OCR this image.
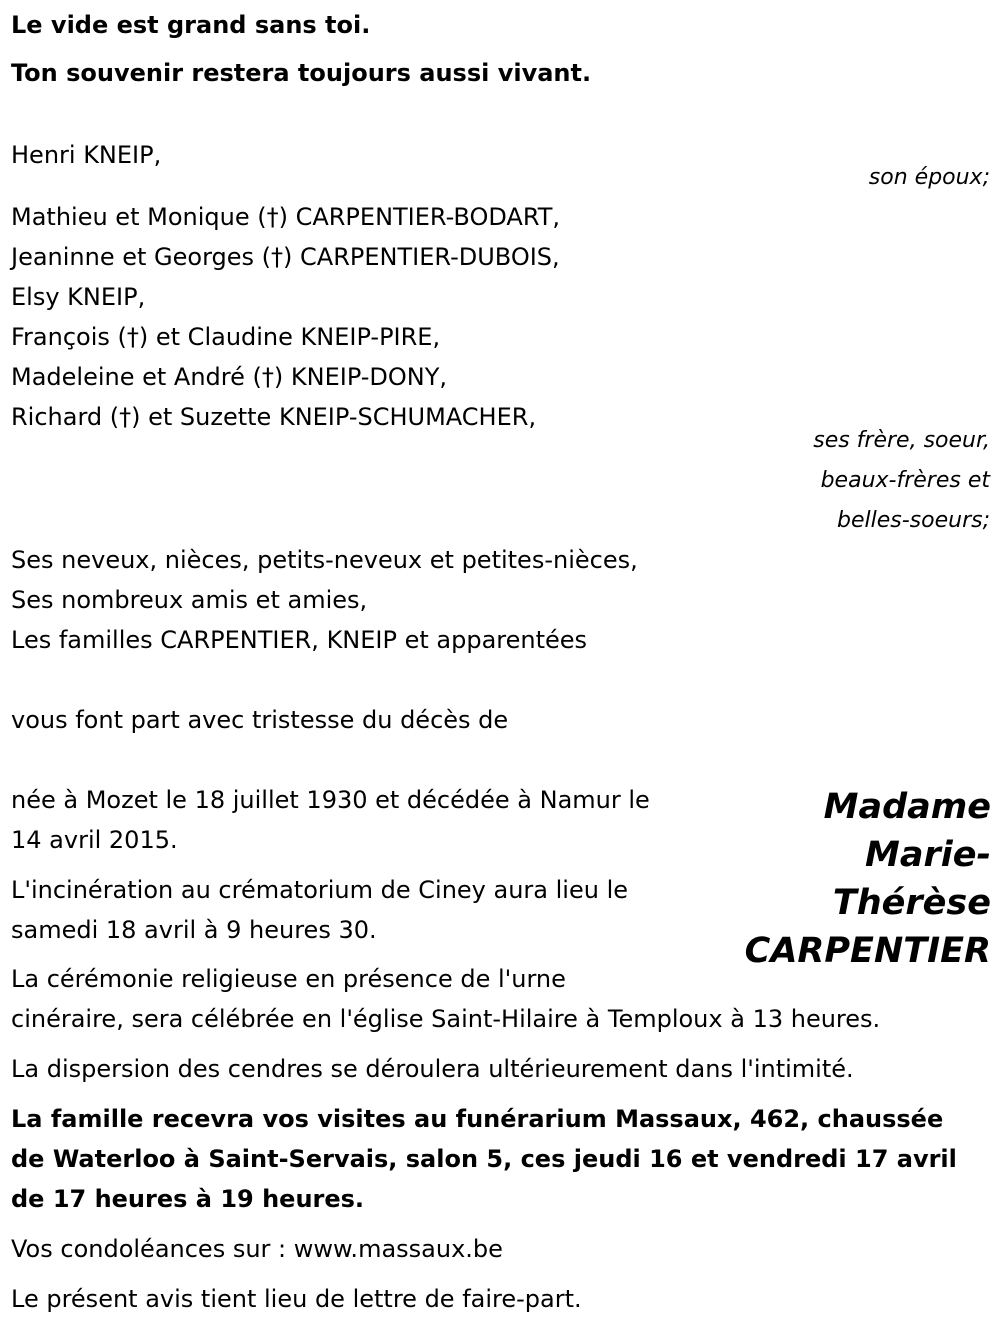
Le vide est grand sans toi.
Ton souvenir restera toujours aussi vivant.
Henri KNEIP,
son époux;
Mathieu et Monique (†) CARPENTIER-BODART,
Jeaninne et Georges (†) CARPENTIER-DUBOIS,
Elsy KNEIP,
François (†) et Claudine KNEIP-PIRE,
Madeleine et André (†) KNEIP-DONY,
Richard (†) et Suzette KNEIP-SCHUMACHER,
ses frère, soeur,
beaux-frères et
belles-soeurs;
Ses neveux, nièces, petits-neveux et petites-nièces,
Ses nombreux amis et amies,
Les familles CARPENTIER, KNEIP et apparentées
vous font part avec tristesse du décès de
Madame
Marie-
Thérèse
CARPENTIER
née à Mozet le 18 juillet 1930 et décédée à Namur le
14 avril 2015.
L'incinération au crématorium de Ciney aura lieu le
samedi 18 avril à 9 heures 30.
La cérémonie religieuse en présence de l'urne
cinéraire, sera célébrée en l'église Saint-Hilaire à Temploux à 13 heures.
La dispersion des cendres se déroulera ultérieurement dans l'intimité.
La famille recevra vos visites au funérarium Massaux, 462, chaussée
de Waterloo à Saint-Servais, salon 5, ces jeudi 16 et vendredi 17 avril
de 17 heures à 19 heures.
Vos condoléances sur : www.massaux.be
Le présent avis tient lieu de lettre de faire-part.
